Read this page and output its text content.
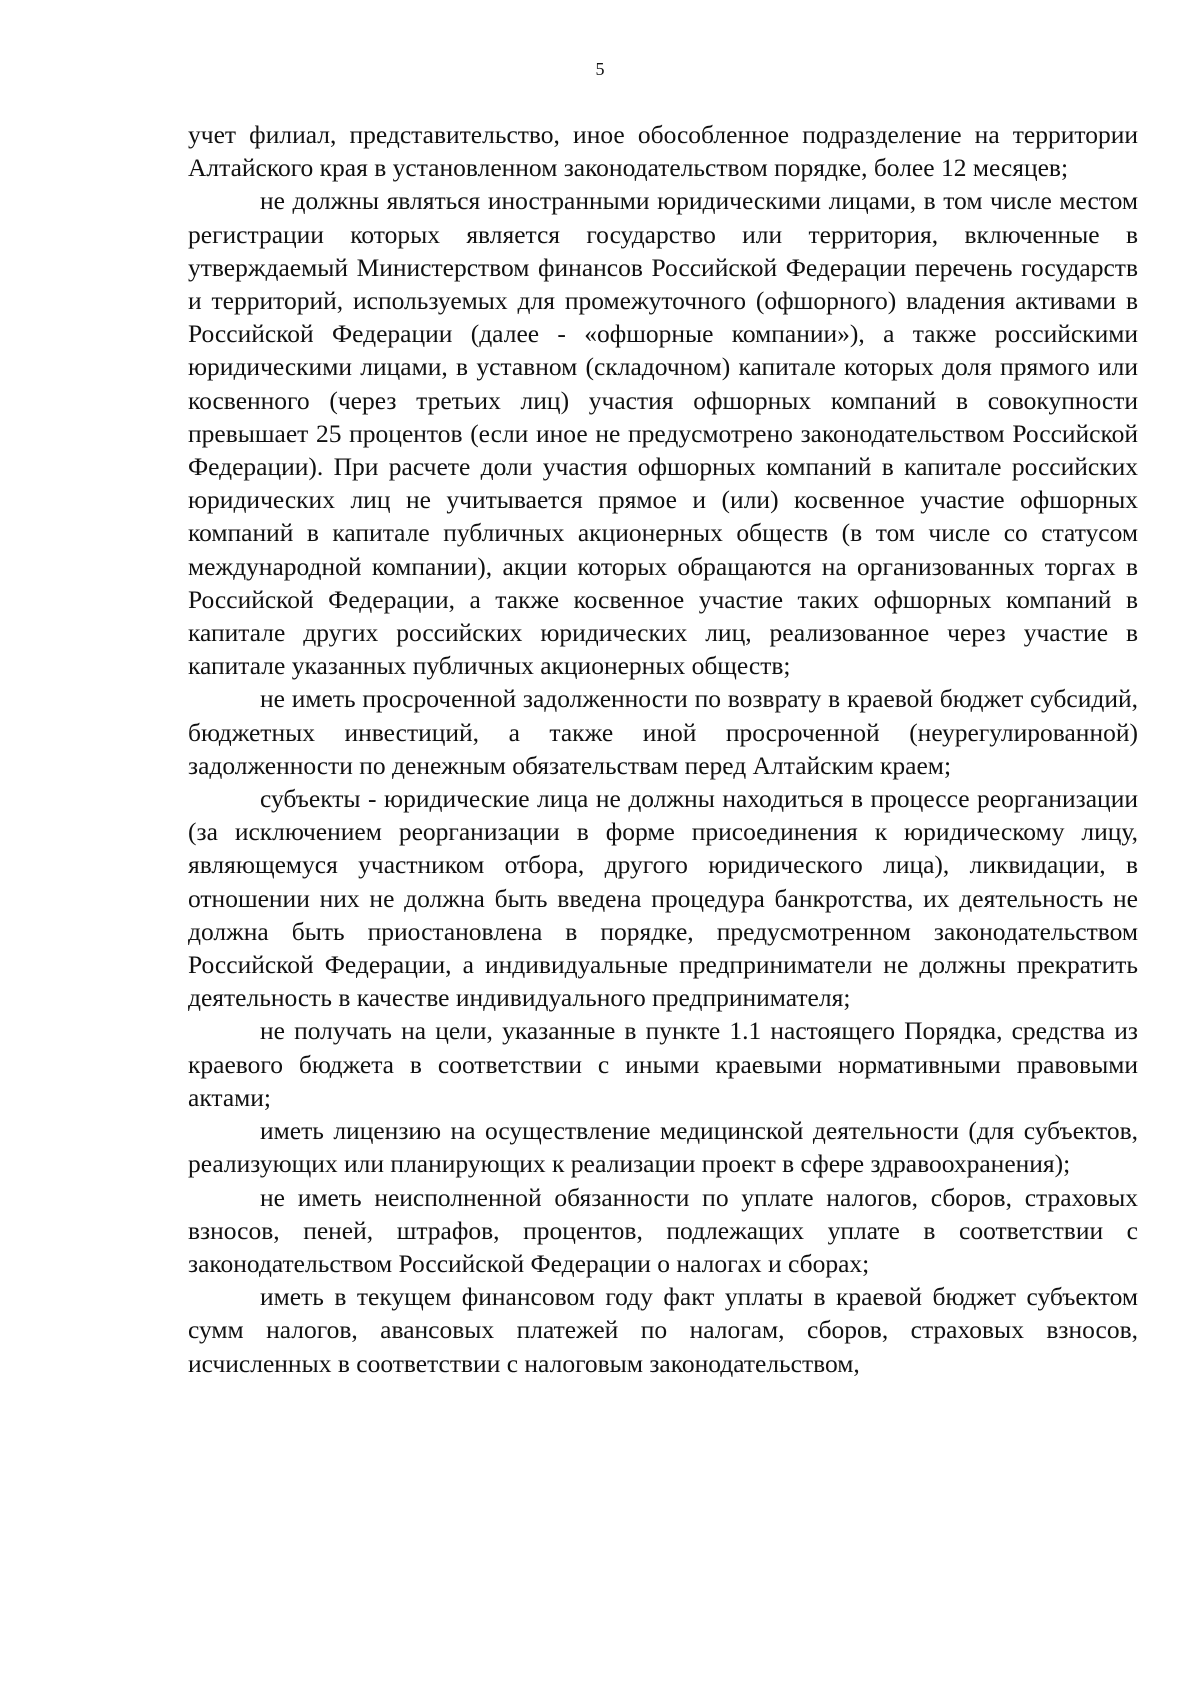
5

учет филиал, представительство, иное обособленное подразделение на территории Алтайского края в установленном законодательством порядке, более 12 месяцев;

не должны являться иностранными юридическими лицами, в том числе местом регистрации которых является государство или территория, включенные в утверждаемый Министерством финансов Российской Федерации перечень государств и территорий, используемых для промежуточного (офшорного) владения активами в Российской Федерации (далее - «офшорные компании»), а также российскими юридическими лицами, в уставном (складочном) капитале которых доля прямого или косвенного (через третьих лиц) участия офшорных компаний в совокупности превышает 25 процентов (если иное не предусмотрено законодательством Российской Федерации). При расчете доли участия офшорных компаний в капитале российских юридических лиц не учитывается прямое и (или) косвенное участие офшорных компаний в капитале публичных акционерных обществ (в том числе со статусом международной компании), акции которых обращаются на организованных торгах в Российской Федерации, а также косвенное участие таких офшорных компаний в капитале других российских юридических лиц, реализованное через участие в капитале указанных публичных акционерных обществ;

не иметь просроченной задолженности по возврату в краевой бюджет субсидий, бюджетных инвестиций, а также иной просроченной (неурегулированной) задолженности по денежным обязательствам перед Алтайским краем;

субъекты - юридические лица не должны находиться в процессе реорганизации (за исключением реорганизации в форме присоединения к юридическому лицу, являющемуся участником отбора, другого юридического лица), ликвидации, в отношении них не должна быть введена процедура банкротства, их деятельность не должна быть приостановлена в порядке, предусмотренном законодательством Российской Федерации, а индивидуальные предприниматели не должны прекратить деятельность в качестве индивидуального предпринимателя;

не получать на цели, указанные в пункте 1.1 настоящего Порядка, средства из краевого бюджета в соответствии с иными краевыми нормативными правовыми актами;

иметь лицензию на осуществление медицинской деятельности (для субъектов, реализующих или планирующих к реализации проект в сфере здравоохранения);

не иметь неисполненной обязанности по уплате налогов, сборов, страховых взносов, пеней, штрафов, процентов, подлежащих уплате в соответствии с законодательством Российской Федерации о налогах и сборах;

иметь в текущем финансовом году факт уплаты в краевой бюджет субъектом сумм налогов, авансовых платежей по налогам, сборов, страховых взносов, исчисленных в соответствии с налоговым законодательством,
